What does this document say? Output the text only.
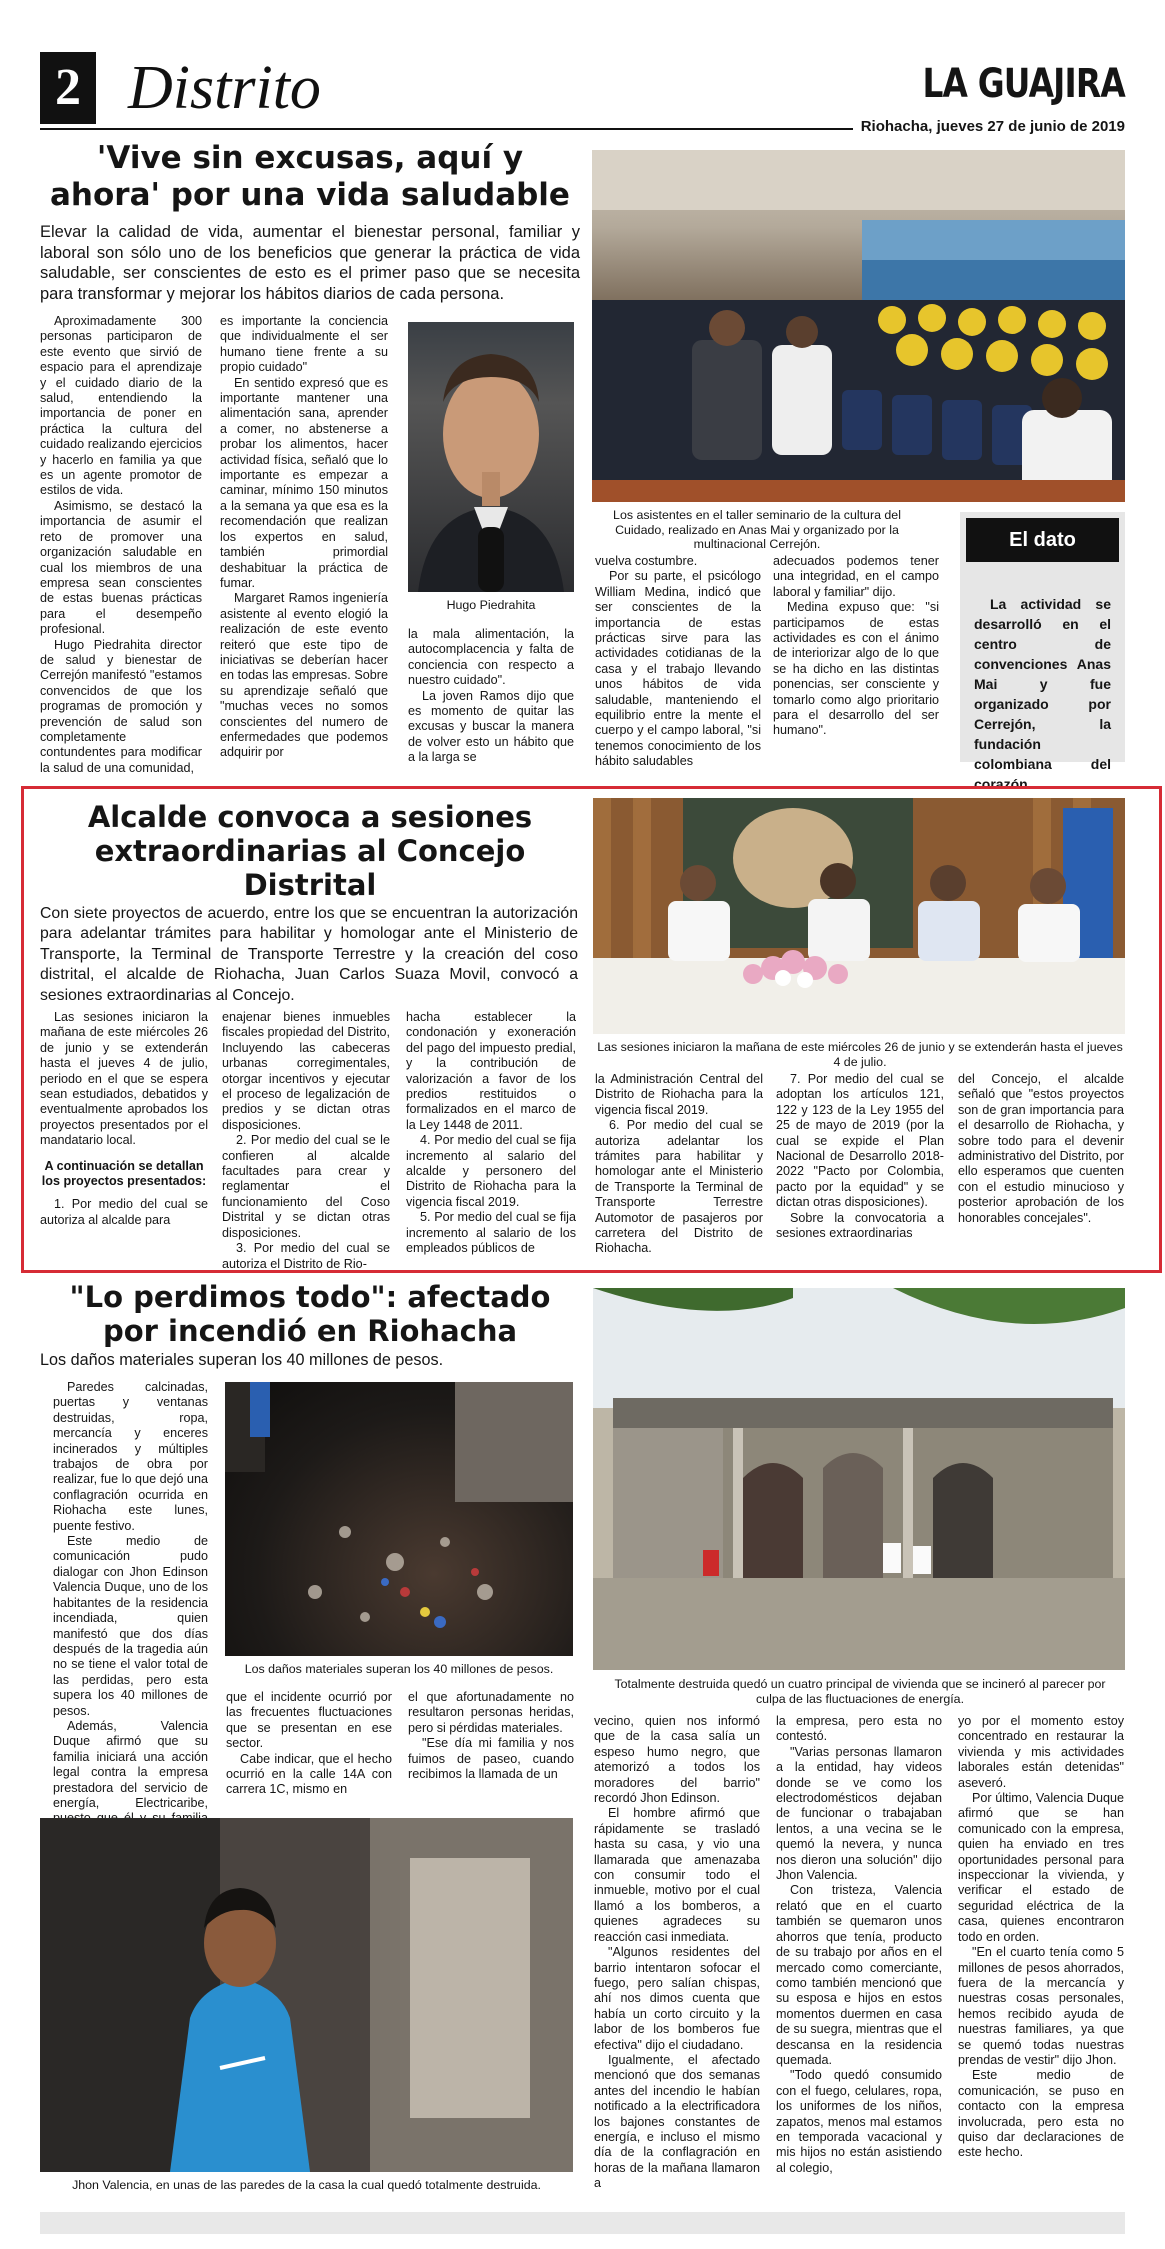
2 Distrito	LA GUAJIRA
Riohacha, jueves 27 de junio de 2019
'Vive sin excusas, aquí y ahora' por una vida saludable
Elevar la calidad de vida, aumentar el bienestar personal, familiar y laboral son sólo uno de los beneficios que generar la práctica de vida saludable, ser conscientes de esto es el primer paso que se necesita para transformar y mejorar los hábitos diarios de cada persona.

Aproximadamente 300 personas participaron de este evento que sirvió de espacio para el aprendizaje y el cuidado diario de la salud, entendiendo la importancia de poner en práctica la cultura del cuidado realizando ejercicios y hacerlo en familia ya que es un agente promotor de estilos de vida.

Asimismo, se destacó la importancia de asumir el reto de promover una organización saludable en cual los miembros de una empresa sean conscientes de estas buenas prácticas para el desempeño profesional.

Hugo Piedrahita director de salud y bienestar de Cerrejón manifestó "estamos convencidos de que los programas de promoción y prevención de salud son completamente contundentes para modificar la salud de una comunidad,

es importante la conciencia que individualmente el ser humano tiene frente a su propio cuidado"

En sentido expresó que es importante mantener una alimentación sana, aprender a comer, no abstenerse a probar los alimentos, hacer actividad física, señaló que lo importante es empezar a caminar, mínimo 150 minutos a la semana ya que esa es la recomendación que realizan los expertos en salud, también primordial deshabituar la práctica de fumar.

Margaret Ramos ingeniería asistente al evento elogió la realización de este evento reiteró que este tipo de iniciativas se deberían hacer en todas las empresas. Sobre su aprendizaje señaló que "muchas veces no somos conscientes del numero de enfermedades que podemos adquirir por

Hugo Piedrahita

la mala alimentación, la autocomplacencia y falta de conciencia con respecto a nuestro cuidado".

La joven Ramos dijo que es momento de quitar las excusas y buscar la manera de volver esto un hábito que a la larga se

Los asistentes en el taller seminario de la cultura del Cuidado, realizado en Anas Mai y organizado por la multinacional Cerrejón.

vuelva costumbre.

Por su parte, el psicólogo William Medina, indicó que ser conscientes de la importancia de estas prácticas sirve para las actividades cotidianas de la casa y el trabajo llevando unos hábitos de vida saludable, manteniendo el equilibrio entre la mente el cuerpo y el campo laboral, "si tenemos conocimiento de los hábito saludables

adecuados podemos tener una integridad, en el campo laboral y familiar" dijo.

Medina expuso que: "si participamos de estas actividades es con el ánimo de interiorizar algo de lo que se ha dicho en las distintas ponencias, ser consciente y tomarlo como algo prioritario para el desarrollo del ser humano".

El dato
La actividad se desarrolló en el centro de convenciones Anas Mai y fue organizado por Cerrejón, la fundación colombiana del corazón.
Alcalde convoca a sesiones extraordinarias al Concejo Distrital
Con siete proyectos de acuerdo, entre los que se encuentran la autorización para adelantar trámites para habilitar y homologar ante el Ministerio de Transporte, la Terminal de Transporte Terrestre y la creación del coso distrital, el alcalde de Riohacha, Juan Carlos Suaza Movil, convocó a sesiones extraordinarias al Concejo.
Las sesiones iniciaron la mañana de este miércoles 26 de junio y se extenderán hasta el jueves 4 de julio.

Las sesiones iniciaron la mañana de este miércoles 26 de junio y se extenderán hasta el jueves 4 de julio, periodo en el que se espera sean estudiados, debatidos y eventualmente aprobados los proyectos presentados por el mandatario local.

A continuación se detallan los proyectos presentados:

1. Por medio del cual se autoriza al alcalde para

enajenar bienes inmuebles fiscales propiedad del Distrito, Incluyendo las cabeceras urbanas corregimentales, otorgar incentivos y ejecutar el proceso de legalización de predios y se dictan otras disposiciones.

2. Por medio del cual se le confieren al alcalde facultades para crear y reglamentar el funcionamiento del Coso Distrital y se dictan otras disposiciones.

3. Por medio del cual se autoriza el Distrito de Rio-

hacha establecer la condonación y exoneración del pago del impuesto predial, y la contribución de valorización a favor de los predios restituidos o formalizados en el marco de la Ley 1448 de 2011.

4. Por medio del cual se fija incremento al salario del alcalde y personero del Distrito de Riohacha para la vigencia fiscal 2019.

5. Por medio del cual se fija incremento al salario de los empleados públicos de

la Administración Central del Distrito de Riohacha para la vigencia fiscal 2019.

6. Por medio del cual se autoriza adelantar los trámites para habilitar y homologar ante el Ministerio de Transporte la Terminal de Transporte Terrestre Automotor de pasajeros por carretera del Distrito de Riohacha.

7. Por medio del cual se adoptan los artículos 121, 122 y 123 de la Ley 1955 del 25 de mayo de 2019 (por la cual se expide el Plan Nacional de Desarrollo 2018-2022 "Pacto por Colombia, pacto por la equidad" y se dictan otras disposiciones).

Sobre la convocatoria a sesiones extraordinarias

del Concejo, el alcalde señaló que "estos proyectos son de gran importancia para el desarrollo de Riohacha, y sobre todo para el devenir administrativo del Distrito, por ello esperamos que cuenten con el estudio minucioso y posterior aprobación de los honorables concejales".

"Lo perdimos todo": afectado por incendió en Riohacha
Los daños materiales superan los 40 millones de pesos.

Paredes calcinadas, puertas y ventanas destruidas, ropa, mercancía y enceres incinerados y múltiples trabajos de obra por realizar, fue lo que dejó una conflagración ocurrida en Riohacha este lunes, puente festivo.

Este medio de comunicación pudo dialogar con Jhon Edinson Valencia Duque, uno de los habitantes de la residencia incendiada, quien manifestó que dos días después de la tragedia aún no se tiene el valor total de las perdidas, pero esta supera los 40 millones de pesos.

Además, Valencia Duque afirmó que su familia iniciará una acción legal contra la empresa prestadora del servicio de energía, Electricaribe,

Los daños materiales superan los 40 millones de pesos.
Totalmente destruida quedó un cuatro principal de vivienda que se incineró al parecer por culpa de las fluctuaciones de energía.

que el incidente ocurrió por las frecuentes fluctuaciones que se presentan en ese sector.

Cabe indicar, que el hecho ocurrió en la calle 14A con carrera 1C, mismo en

el que afortunadamente no resultaron personas heridas, pero si pérdidas materiales.

"Ese día mi familia y nos fuimos de paseo, cuando recibimos la llamada de un

Jhon Valencia, en unas de las paredes de la casa la cual quedó totalmente destruida.

vecino, quien nos informó que de la casa salía un espeso humo negro, que atemorizó a todos los moradores del barrio" recordó Jhon Edinson.

El hombre afirmó que rápidamente se trasladó hasta su casa, y vio una llamarada que amenazaba con consumir todo el inmueble, motivo por el cual llamó a los bomberos, a quienes agradeces su reacción casi inmediata.

"Algunos residentes del barrio intentaron sofocar el fuego, pero salían chispas, ahí nos dimos cuenta que había un corto circuito y la labor de los bomberos fue efectiva" dijo el ciudadano.

Igualmente, el afectado mencionó que dos semanas antes del incendio le habían notificado a la electrificadora los bajones constantes de energía, e incluso el mismo día de la conflagración en horas de la mañana llamaron a

la empresa, pero esta no contestó.

"Varias personas llamaron a la entidad, hay videos donde se ve como los electrodomésticos dejaban de funcionar o trabajaban lentos, a una vecina se le quemó la nevera, y nunca nos dieron una solución" dijo Jhon Valencia.

Con tristeza, Valencia relató que en el cuarto también se quemaron unos ahorros que tenía, producto de su trabajo por años en el mercado como comerciante, como también mencionó que su esposa e hijos en estos momentos duermen en casa de su suegra, mientras que el descansa en la residencia quemada.

"Todo quedó consumido con el fuego, celulares, ropa, los uniformes de los niños, zapatos, menos mal estamos en temporada vacacional y mis hijos no están asistiendo al colegio,

yo por el momento estoy concentrado en restaurar la vivienda y mis actividades laborales están detenidas" aseveró.

Por último, Valencia Duque afirmó que se han comunicado con la empresa, quien ha enviado en tres oportunidades personal para inspeccionar la vivienda, y verificar el estado de seguridad eléctrica de la casa, quienes encontraron todo en orden.

"En el cuarto tenía como 5 millones de pesos ahorrados, fuera de la mercancía y nuestras cosas personales, hemos recibido ayuda de nuestras familiares, ya que se quemó todas nuestras prendas de vestir" dijo Jhon.

Este medio de comunicación, se puso en contacto con la empresa involucrada, pero esta no quiso dar declaraciones de este hecho.
